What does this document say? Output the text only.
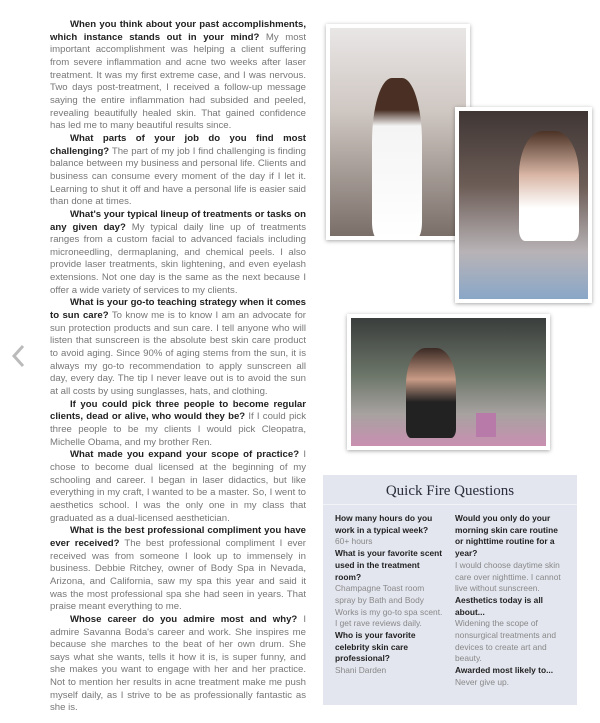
When you think about your past accomplishments, which instance stands out in your mind? My most important accomplishment was helping a client suffering from severe inflammation and acne two weeks after laser treatment. It was my first extreme case, and I was nervous. Two days post-treatment, I received a follow-up message saying the entire inflammation had subsided and peeled, revealing beautifully healed skin. That gained confidence has led me to many beautiful results since.

What parts of your job do you find most challenging? The part of my job I find challenging is finding balance between my business and personal life. Clients and business can consume every moment of the day if I let it. Learning to shut it off and have a personal life is easier said than done at times.

What's your typical lineup of treatments or tasks on any given day? My typical daily line up of treatments ranges from a custom facial to advanced facials including microneedling, dermaplaning, and chemical peels. I also provide laser treatments, skin lightening, and even eyelash extensions. Not one day is the same as the next because I offer a wide variety of services to my clients.

What is your go-to teaching strategy when it comes to sun care? To know me is to know I am an advocate for sun protection products and sun care. I tell anyone who will listen that sunscreen is the absolute best skin care product to avoid aging. Since 90% of aging stems from the sun, it is always my go-to recommendation to apply sunscreen all day, every day. The tip I never leave out is to avoid the sun at all costs by using sunglasses, hats, and clothing.

If you could pick three people to become regular clients, dead or alive, who would they be? If I could pick three people to be my clients I would pick Cleopatra, Michelle Obama, and my brother Ren.

What made you expand your scope of practice? I chose to become dual licensed at the beginning of my schooling and career. I began in laser didactics, but like everything in my craft, I wanted to be a master. So, I went to aesthetics school. I was the only one in my class that graduated as a dual-licensed aesthetician.

What is the best professional compliment you have ever received? The best professional compliment I ever received was from someone I look up to immensely in business. Debbie Ritchey, owner of Body Spa in Nevada, Arizona, and California, saw my spa this year and said it was the most professional spa she had seen in years. That praise meant everything to me.

Whose career do you admire most and why? I admire Savanna Boda's career and work. She inspires me because she marches to the beat of her own drum. She says what she wants, tells it how it is, is super funny, and she makes you want to engage with her and her practice. Not to mention her results in acne treatment make me push myself daily, as I strive to be as professionally fantastic as she is.

Quick Fire Questions
How many hours do you work in a typical week?
60+ hours
What is your favorite scent used in the treatment room?
Champagne Toast room spray by Bath and Body Works is my go-to spa scent. I get rave reviews daily.
Who is your favorite celebrity skin care professional?
Shani Darden
Would you only do your morning skin care routine or nighttime routine for a year?
I would choose daytime skin care over nighttime. I cannot live without sunscreen.
Aesthetics today is all about...
Widening the scope of nonsurgical treatments and devices to create art and beauty.
Awarded most likely to...
Never give up.
